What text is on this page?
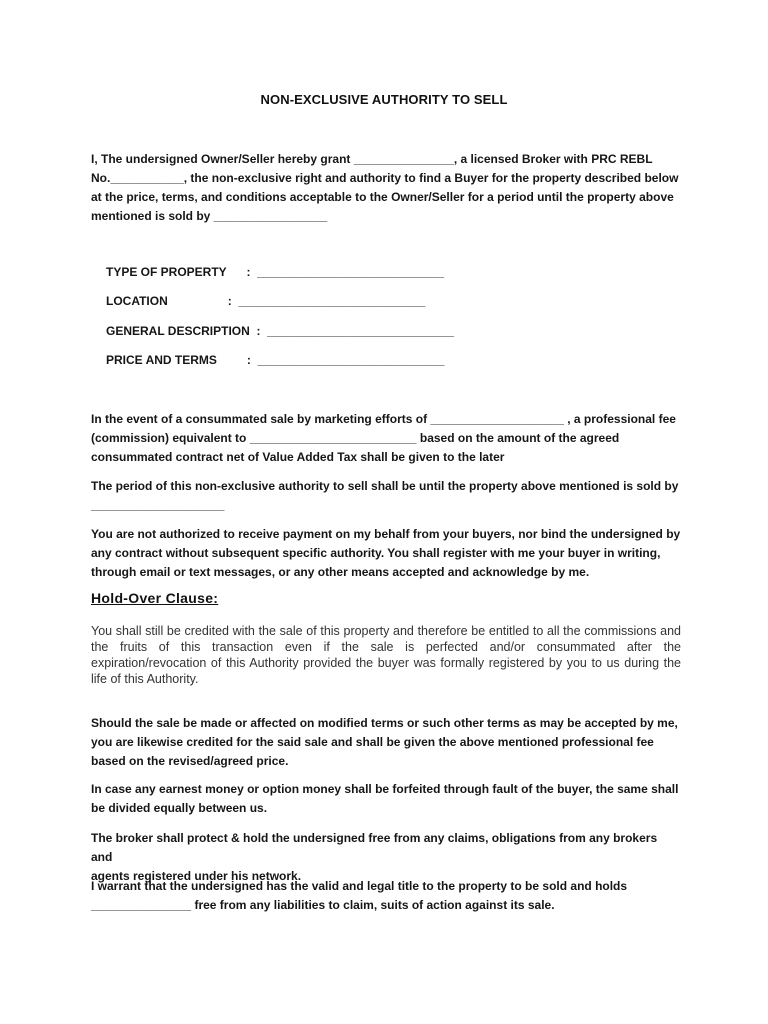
NON-EXCLUSIVE AUTHORITY TO SELL

I, The undersigned Owner/Seller hereby grant _______________, a licensed Broker with PRC REBL

No.___________, the non-exclusive right and authority to find a Buyer for the property described below

at the price, terms, and conditions acceptable to the Owner/Seller for a period until the property above

mentioned is sold by _________________

TYPE OF PROPERTY      :  ____________________________
LOCATION                  :  ____________________________
GENERAL DESCRIPTION  :  ____________________________
PRICE AND TERMS         :  ____________________________

In the event of a consummated sale by marketing efforts of ____________________ , a professional fee

(commission) equivalent to _________________________ based on the amount of the agreed

consummated contract net of Value Added Tax shall be given to the later

The period of this non-exclusive authority to sell shall be until the property above mentioned is sold by

____________________

You are not authorized to receive payment on my behalf from your buyers, nor bind the undersigned by

any contract without subsequent specific authority. You shall register with me your buyer in writing,

through email or text messages, or any other means accepted and acknowledge by me.

Hold-Over Clause:
You shall still be credited with the sale of this property and therefore be entitled to all the commissions and the fruits of this transaction even if the sale is perfected and/or consummated after the expiration/revocation of this Authority provided the buyer was formally registered by you to us during the life of this Authority.

Should the sale be made or affected on modified terms or such other terms as may be accepted by me,

you are likewise credited for the said sale and shall be given the above mentioned professional fee

based on the revised/agreed price.

In case any earnest money or option money shall be forfeited through fault of the buyer, the same shall

be divided equally between us.

The broker shall protect & hold the undersigned free from any claims, obligations from any brokers and

agents registered under his network.

I warrant that the undersigned has the valid and legal title to the property to be sold and holds

_______________ free from any liabilities to claim, suits of action against its sale.
